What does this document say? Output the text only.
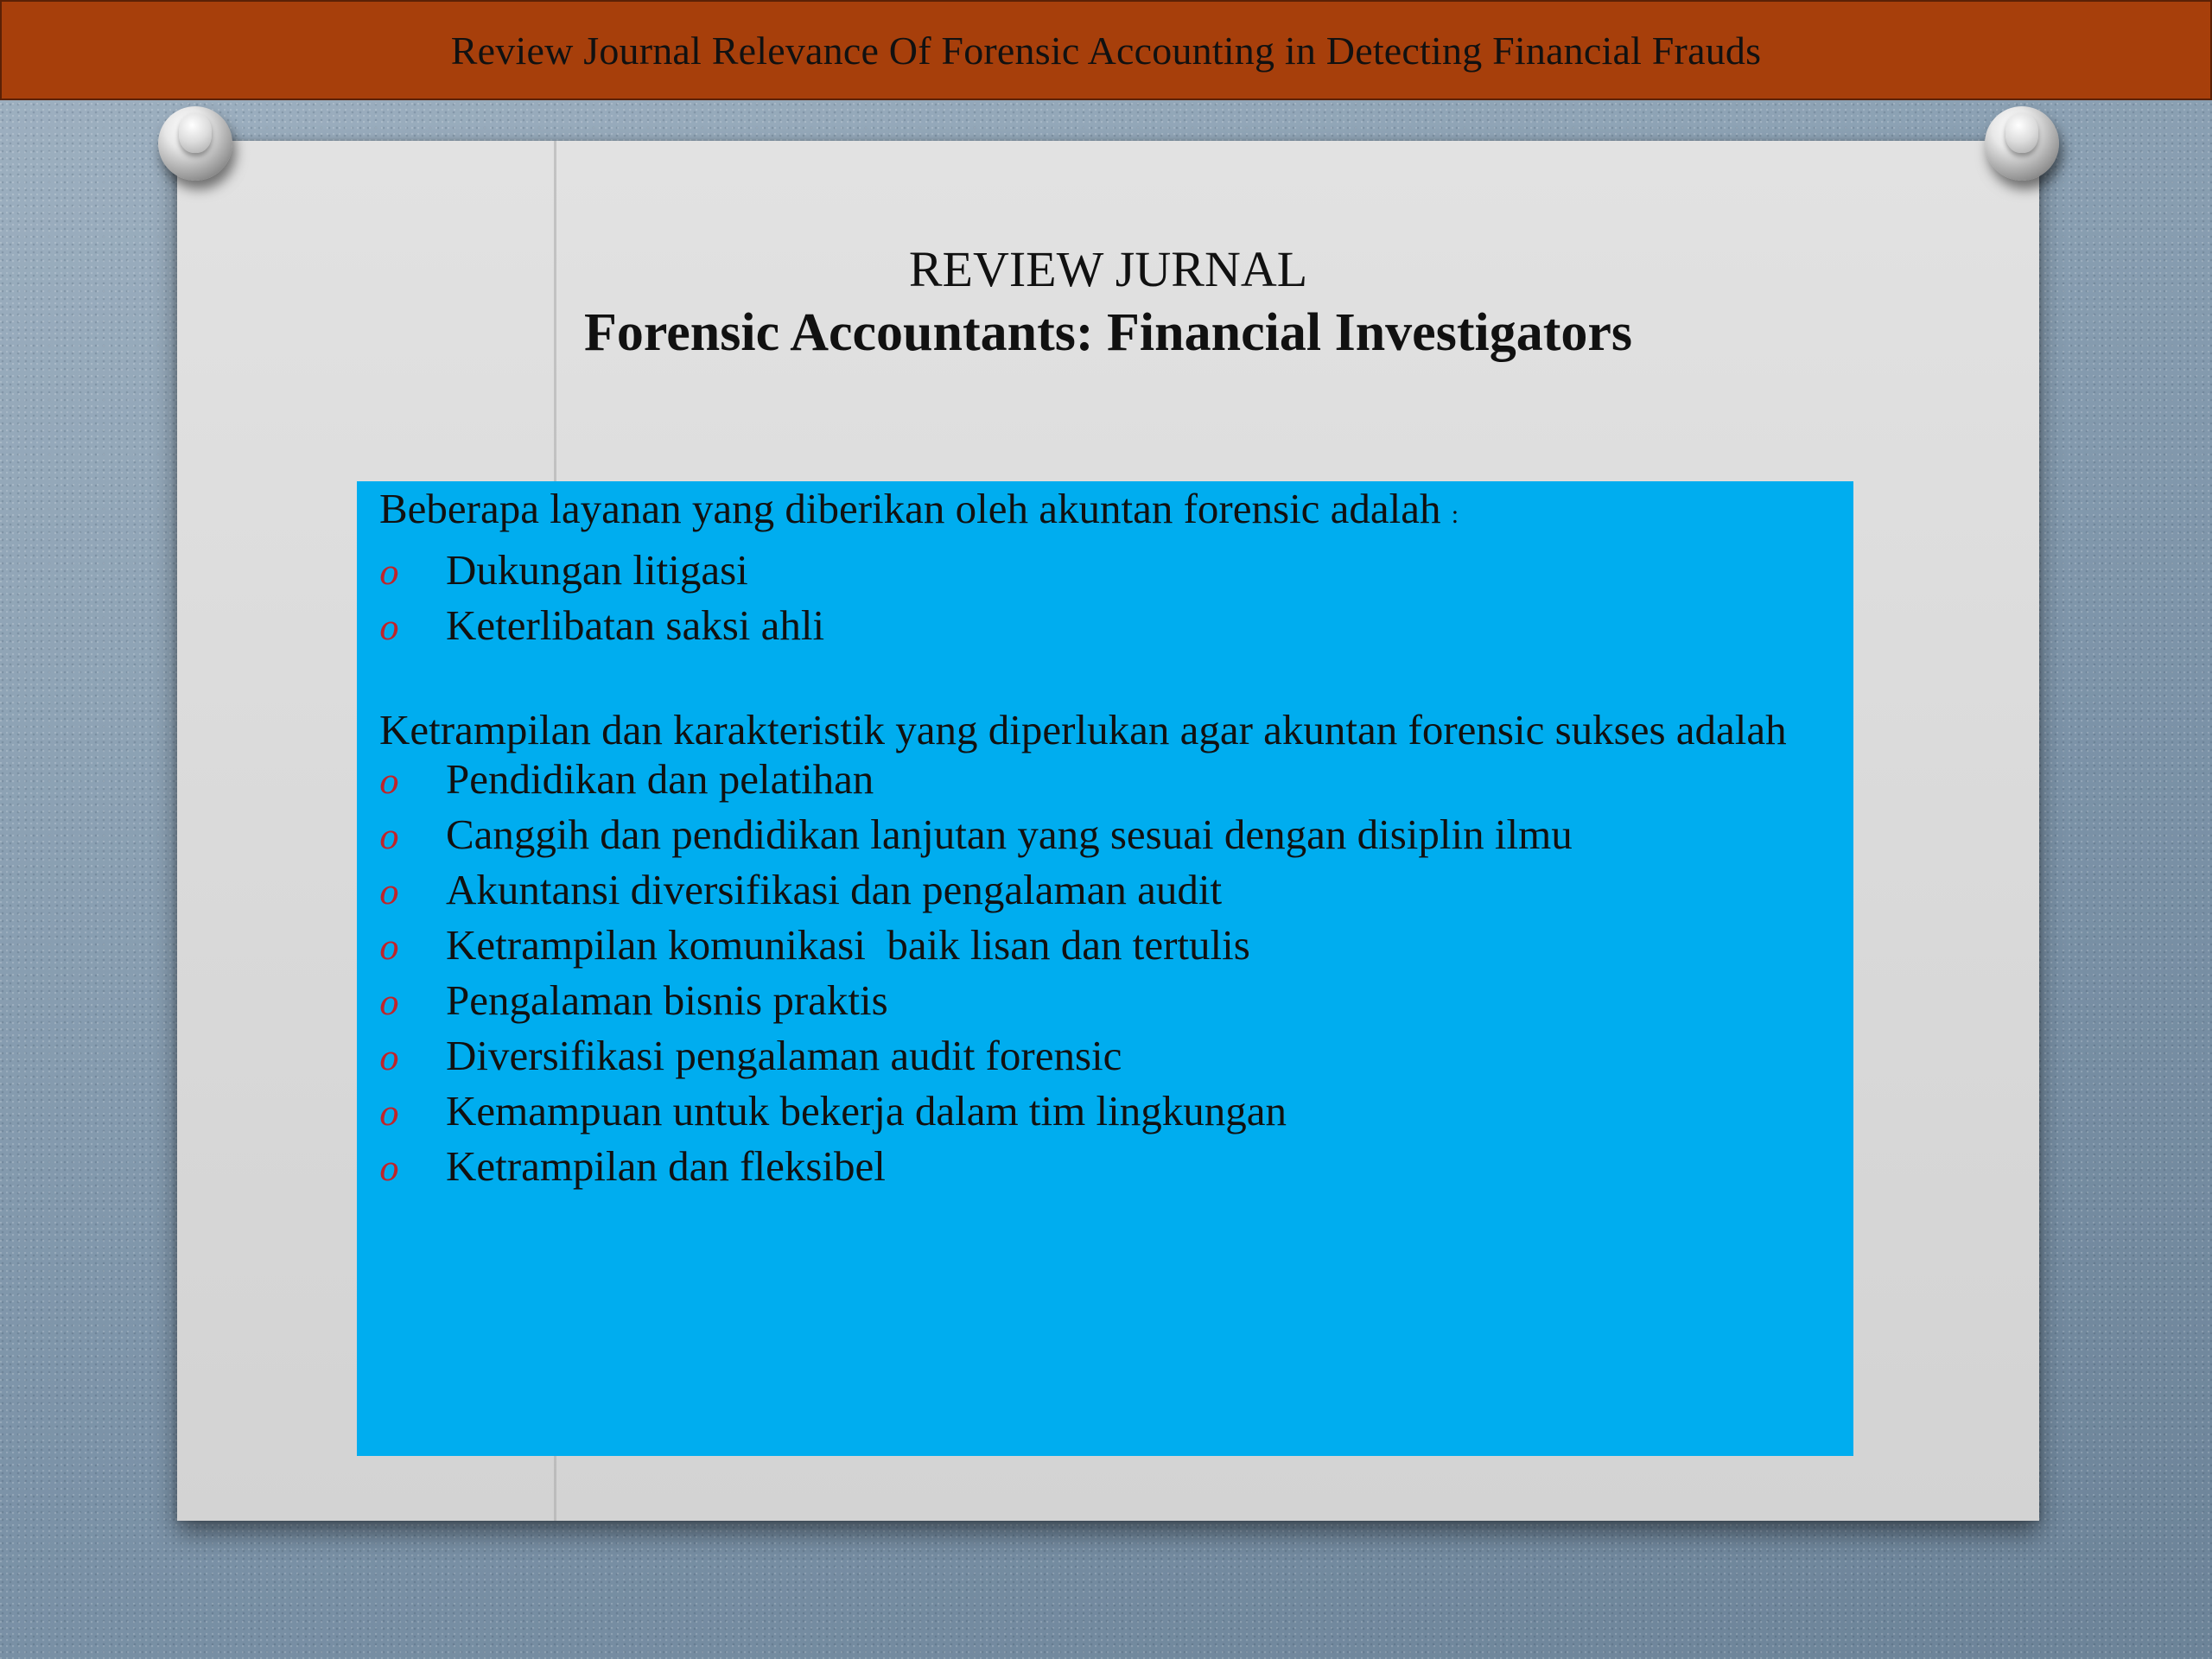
Review Journal Relevance Of Forensic Accounting in Detecting Financial Frauds
REVIEW JURNAL
Forensic Accountants: Financial Investigators

Beberapa layanan yang diberikan oleh akuntan forensic adalah :

o	Dukungan litigasi
o	Keterlibatan saksi ahli

Ketrampilan dan karakteristik yang diperlukan agar akuntan forensic sukses adalah

o	Pendidikan dan pelatihan
o	Canggih dan pendidikan lanjutan yang sesuai dengan disiplin ilmu
o	Akuntansi diversifikasi dan pengalaman audit
o	Ketrampilan komunikasi  baik lisan dan tertulis
o	Pengalaman bisnis praktis
o	Diversifikasi pengalaman audit forensic
o	Kemampuan untuk bekerja dalam tim lingkungan
o	Ketrampilan dan fleksibel
